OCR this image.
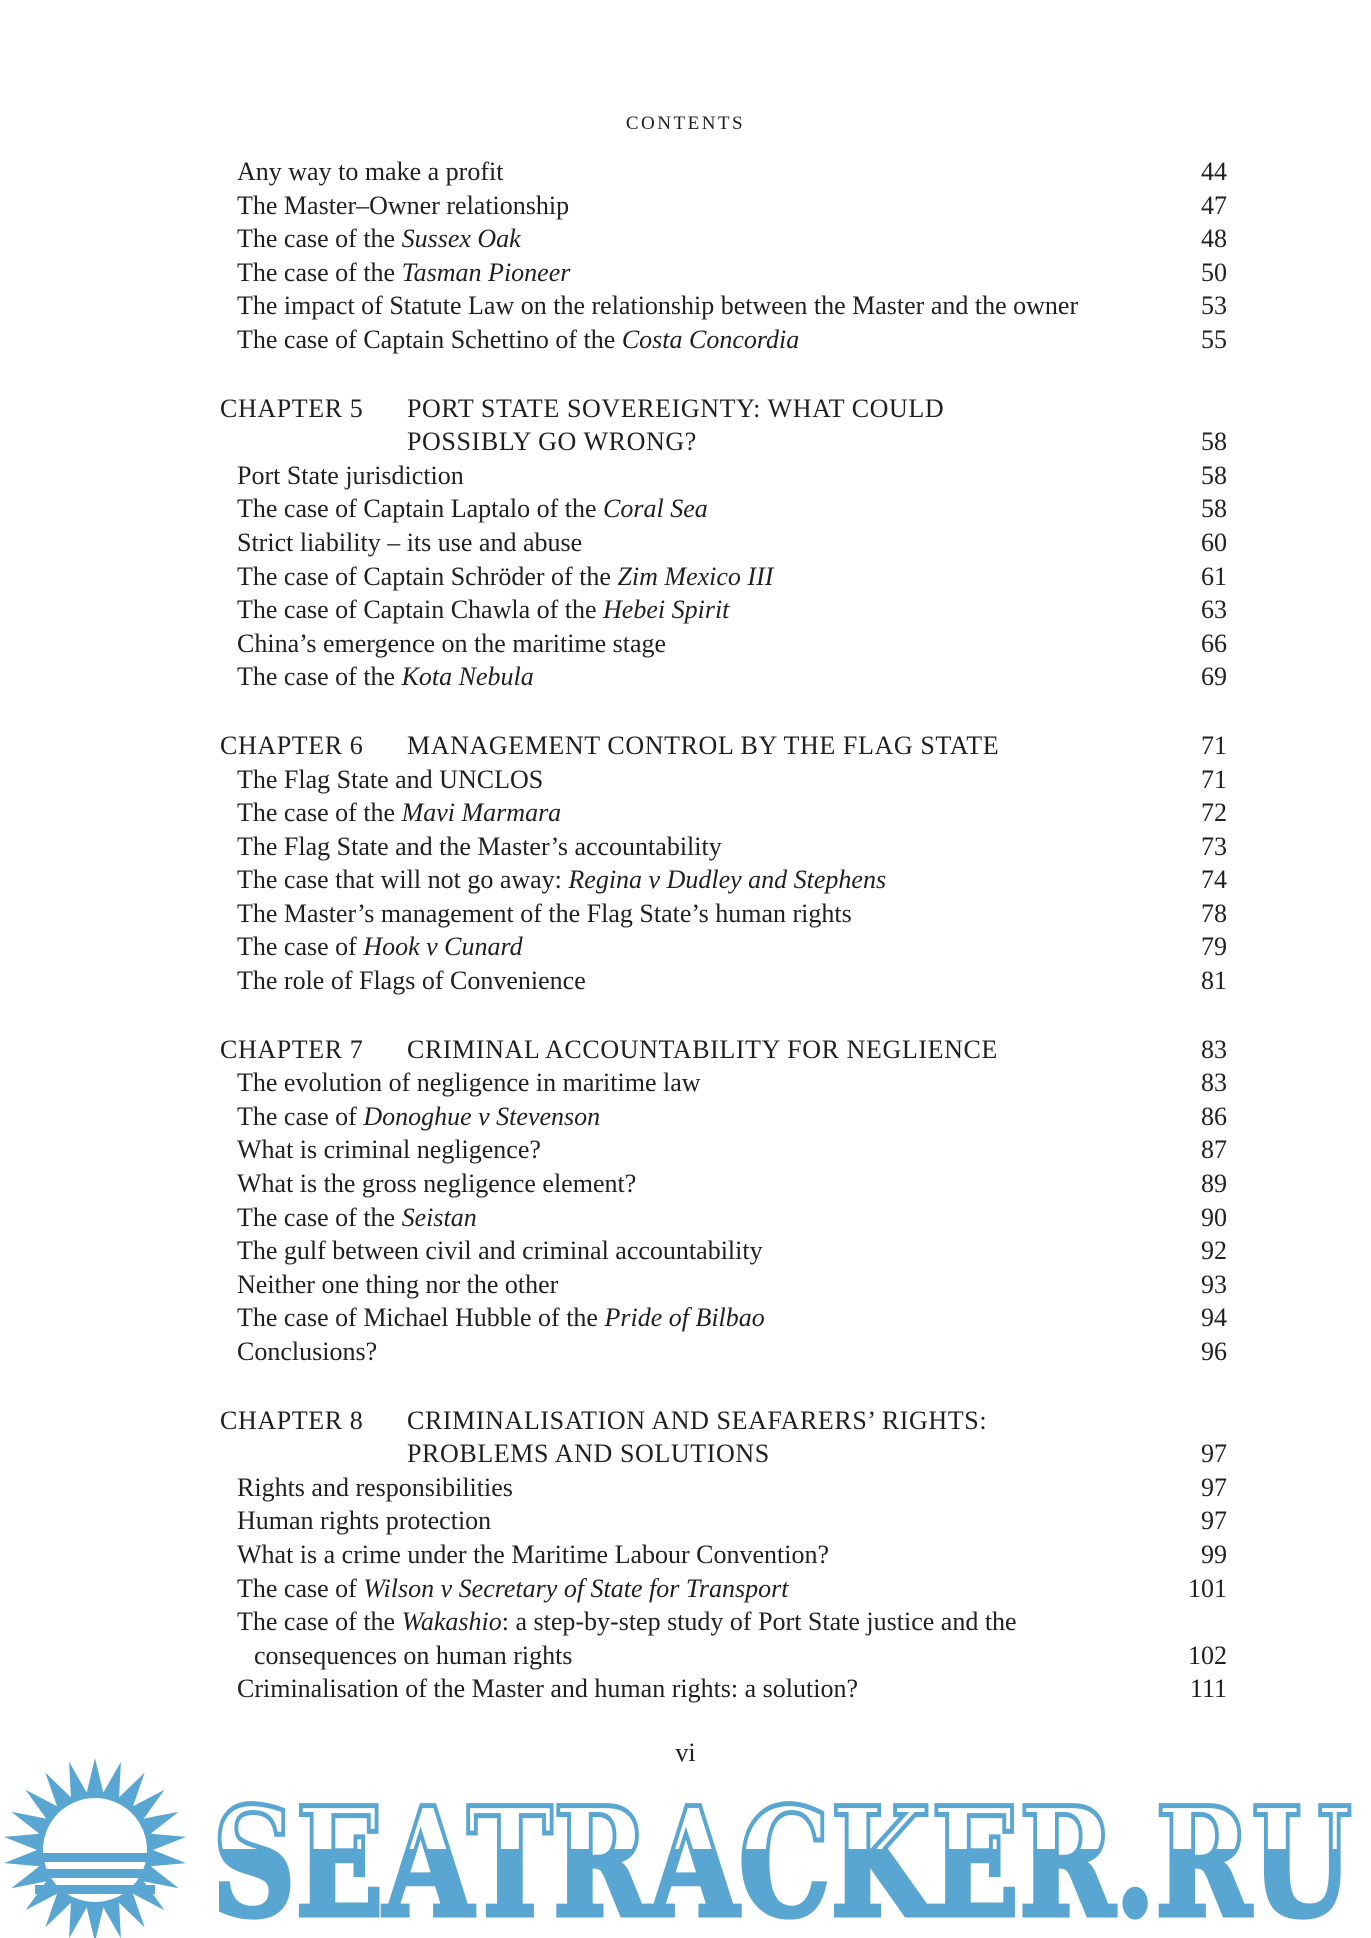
CONTENTS
Any way to make a profit	44
The Master–Owner relationship	47
The case of the Sussex Oak	48
The case of the Tasman Pioneer	50
The impact of Statute Law on the relationship between the Master and the owner	53
The case of Captain Schettino of the Costa Concordia	55
CHAPTER 5 PORT STATE SOVEREIGNTY: WHAT COULD
POSSIBLY GO WRONG?	58
Port State jurisdiction	58
The case of Captain Laptalo of the Coral Sea	58
Strict liability – its use and abuse	60
The case of Captain Schröder of the Zim Mexico III	61
The case of Captain Chawla of the Hebei Spirit	63
China’s emergence on the maritime stage	66
The case of the Kota Nebula	69
CHAPTER 6 MANAGEMENT CONTROL BY THE FLAG STATE	71
The Flag State and UNCLOS	71
The case of the Mavi Marmara	72
The Flag State and the Master’s accountability	73
The case that will not go away: Regina v Dudley and Stephens	74
The Master’s management of the Flag State’s human rights	78
The case of Hook v Cunard	79
The role of Flags of Convenience	81
CHAPTER 7 CRIMINAL ACCOUNTABILITY FOR NEGLIENCE	83
The evolution of negligence in maritime law	83
The case of Donoghue v Stevenson	86
What is criminal negligence?	87
What is the gross negligence element?	89
The case of the Seistan	90
The gulf between civil and criminal accountability	92
Neither one thing nor the other	93
The case of Michael Hubble of the Pride of Bilbao	94
Conclusions?	96
CHAPTER 8 CRIMINALISATION AND SEAFARERS’ RIGHTS:
PROBLEMS AND SOLUTIONS	97
Rights and responsibilities	97
Human rights protection	97
What is a crime under the Maritime Labour Convention?	99
The case of Wilson v Secretary of State for Transport	101
The case of the Wakashio: a step-by-step study of Port State justice and the
consequences on human rights	102
Criminalisation of the Master and human rights: a solution?	111
vi
SEATRACKER.RU
